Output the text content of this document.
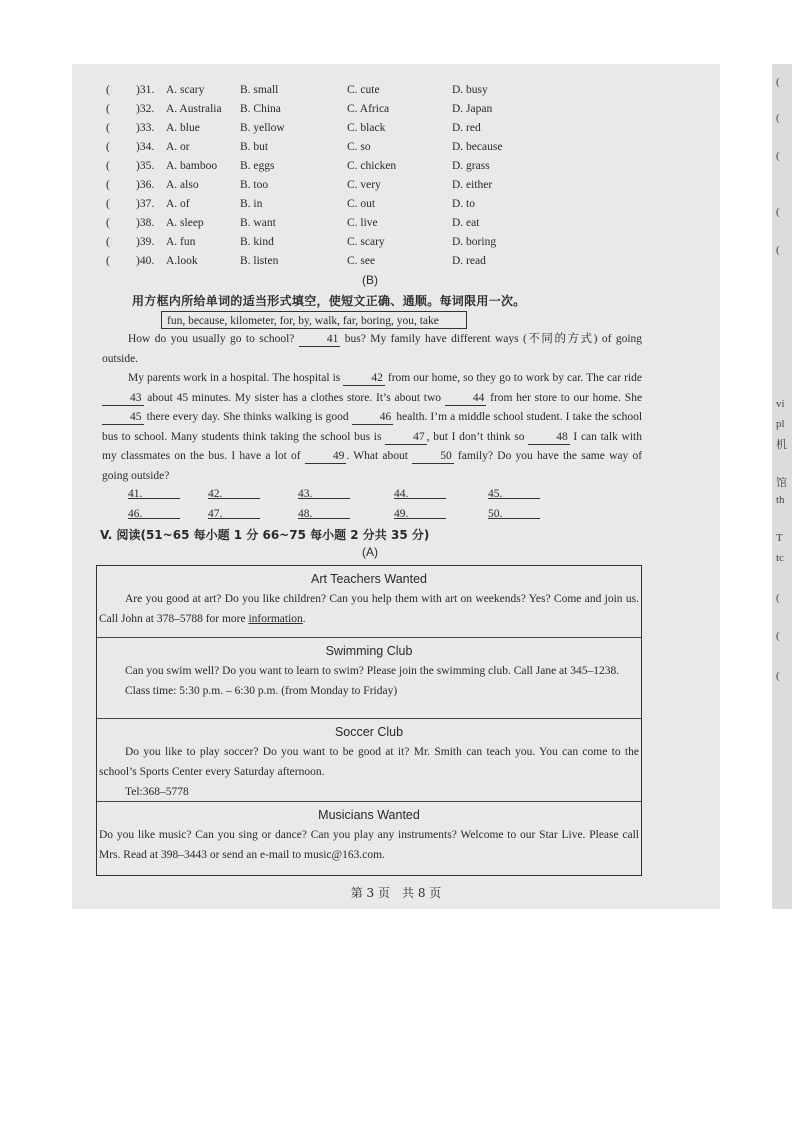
( )31. A. scary	B. small	C. cute	D. busy
( )32. A. Australia B. China	C. Africa	D. Japan
( )33. A. blue	B. yellow	C. black	D. red
( )34. A. or	B. but	C. so	D. because
( )35. A. bamboo B. eggs	C. chicken	D. grass
( )36. A. also	B. too	C. very	D. either
( )37. A. of	B. in	C. out	D. to
( )38. A. sleep	B. want	C. live	D. eat
( )39. A. fun	B. kind	C. scary	D. boring
( )40. A.look	B. listen	C. see	D. read
(B)
用方框内所给单词的适当形式填空，使短文正确、通顺。每词限用一次。
fun, because, kilometer, for, by, walk, far, boring, you, take

How do you usually go to school?	41 bus? My family have different ways (不同的方式) of going outside.

My parents work in a hospital. The hospital is	42 from our home, so they go to work by car. The car ride 43 about 45 minutes. My sister has a clothes store. It’s about two	44 from her store to our home. She 45 there every day. She thinks walking is good	46 health. I’m a middle school student. I take the school bus to school. Many students think taking the school bus is	47 , but I don’t think so	48 I can talk with my classmates on the bus. I have a lot of	49 . What about	50 family? Do you have the same way of going outside?

41.	42.	43.	44.	45.
46.	47.	48.	49.	50.
V. 阅读(51~65 每小题 1 分 66~75 每小题 2 分共 35 分)
(A)
Art Teachers Wanted

Are you good at art? Do you like children? Can you help them with art on weekends? Yes? Come and join us. Call John at 378–5788 for more information.

Swimming Club

Can you swim well? Do you want to learn to swim? Please join the swimming club. Call Jane at 345–1238.

Class time: 5:30 p.m. – 6:30 p.m. (from Monday to Friday)

Soccer Club

Do you like to play soccer? Do you want to be good at it? Mr. Smith can teach you. You can come to the school’s Sports Center every Saturday afternoon.

Tel:368–5778

Musicians Wanted

Do you like music? Can you sing or dance? Can you play any instruments? Welcome to our Star Live. Please call Mrs. Read at 398–3443 or send an e-mail to music@163.com.

第 3 页　共 8 页
(
(
(
(
(
vi
pl
机
馆
th
T
tc
(
(
(
